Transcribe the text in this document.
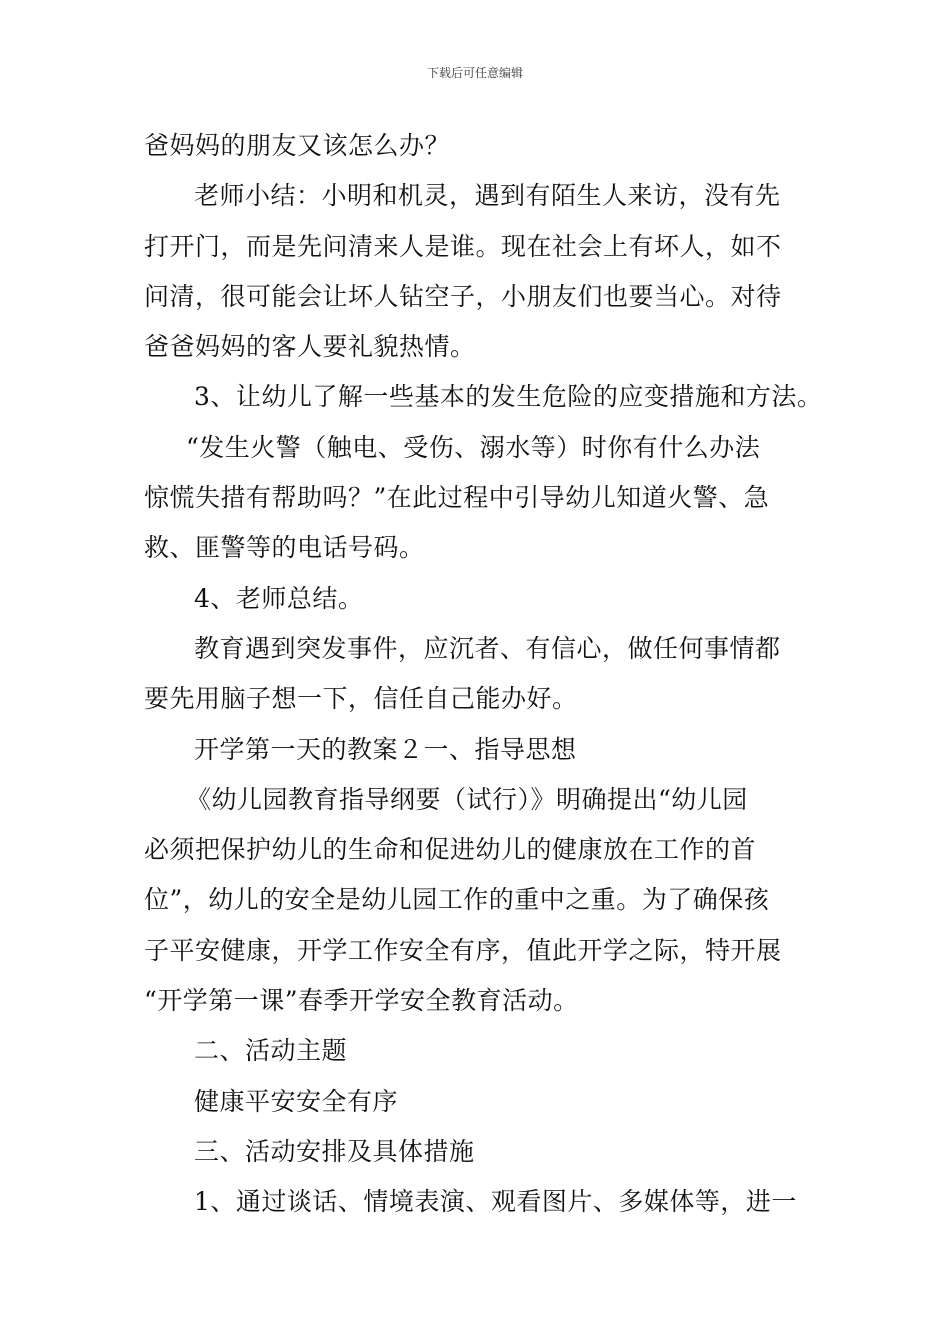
下载后可任意编辑
爸妈妈的朋友又该怎么办？
老师小结：小明和机灵，遇到有陌生人来访，没有先
打开门，而是先问清来人是谁。现在社会上有坏人，如不
问清，很可能会让坏人钻空子，小朋友们也要当心。对待
爸爸妈妈的客人要礼貌热情。
3、让幼儿了解一些基本的发生危险的应变措施和方法。
“发生火警（触电、受伤、溺水等）时你有什么办法
惊慌失措有帮助吗？”在此过程中引导幼儿知道火警、急
救、匪警等的电话号码。
4、老师总结。
教育遇到突发事件，应沉者、有信心，做任何事情都
要先用脑子想一下，信任自己能办好。
开学第一天的教案２一、指导思想
《幼儿园教育指导纲要（试行）》明确提出“幼儿园
必须把保护幼儿的生命和促进幼儿的健康放在工作的首
位”，幼儿的安全是幼儿园工作的重中之重。为了确保孩
子平安健康，开学工作安全有序，值此开学之际，特开展
“开学第一课”春季开学安全教育活动。
二、活动主题
健康平安安全有序
三、活动安排及具体措施
1、通过谈话、情境表演、观看图片、多媒体等，进一
